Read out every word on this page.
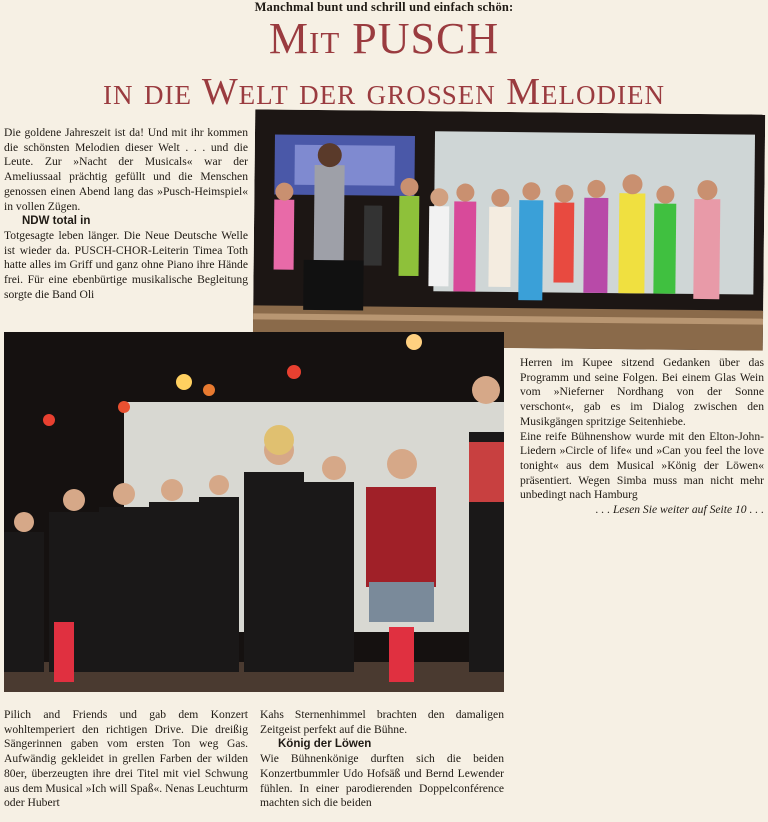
Manchmal bunt und schrill und einfach schön:
Mit PUSCH
in die Welt der großen Melodien

Die goldene Jahreszeit ist da! Und mit ihr kommen die schönsten Melodien dieser Welt . . . und die Leute. Zur »Nacht der Musicals« war der Ameliussaal prächtig gefüllt und die Menschen genossen einen Abend lang das »Pusch-Heimspiel« in vollen Zügen.

NDW total in

Totgesagte leben länger. Die Neue Deutsche Welle ist wieder da. PUSCH-CHOR-Leiterin Timea Toth hatte alles im Griff und ganz ohne Piano ihre Hände frei. Für eine ebenbürtige musikalische Begleitung sorgte die Band Oli

Herren im Kupee sitzend Gedanken über das Programm und seine Folgen. Bei einem Glas Wein vom »Nieferner Nordhang von der Sonne verschont«, gab es im Dialog zwischen den Musikgängen spritzige Seitenhiebe.

Eine reife Bühnenshow wurde mit den Elton-John-Liedern »Circle of life« und »Can you feel the love tonight« aus dem Musical »König der Löwen« präsentiert. Wegen Simba muss man nicht mehr unbedingt nach Hamburg

. . . Lesen Sie weiter auf Seite 10 . . .

Pilich and Friends und gab dem Konzert wohltemperiert den richtigen Drive. Die dreißig Sängerinnen gaben vom ersten Ton weg Gas. Aufwändig gekleidet in grellen Farben der wilden 80er, überzeugten ihre drei Titel mit viel Schwung aus dem Musical »Ich will Spaß«. Nenas Leuchturm oder Hubert

Kahs Sternenhimmel brachten den damaligen Zeitgeist perfekt auf die Bühne.

König der Löwen

Wie Bühnenkönige durften sich die beiden Konzertbummler Udo Hofsäß und Bernd Lewender fühlen. In einer parodierenden Doppelconférence machten sich die beiden
